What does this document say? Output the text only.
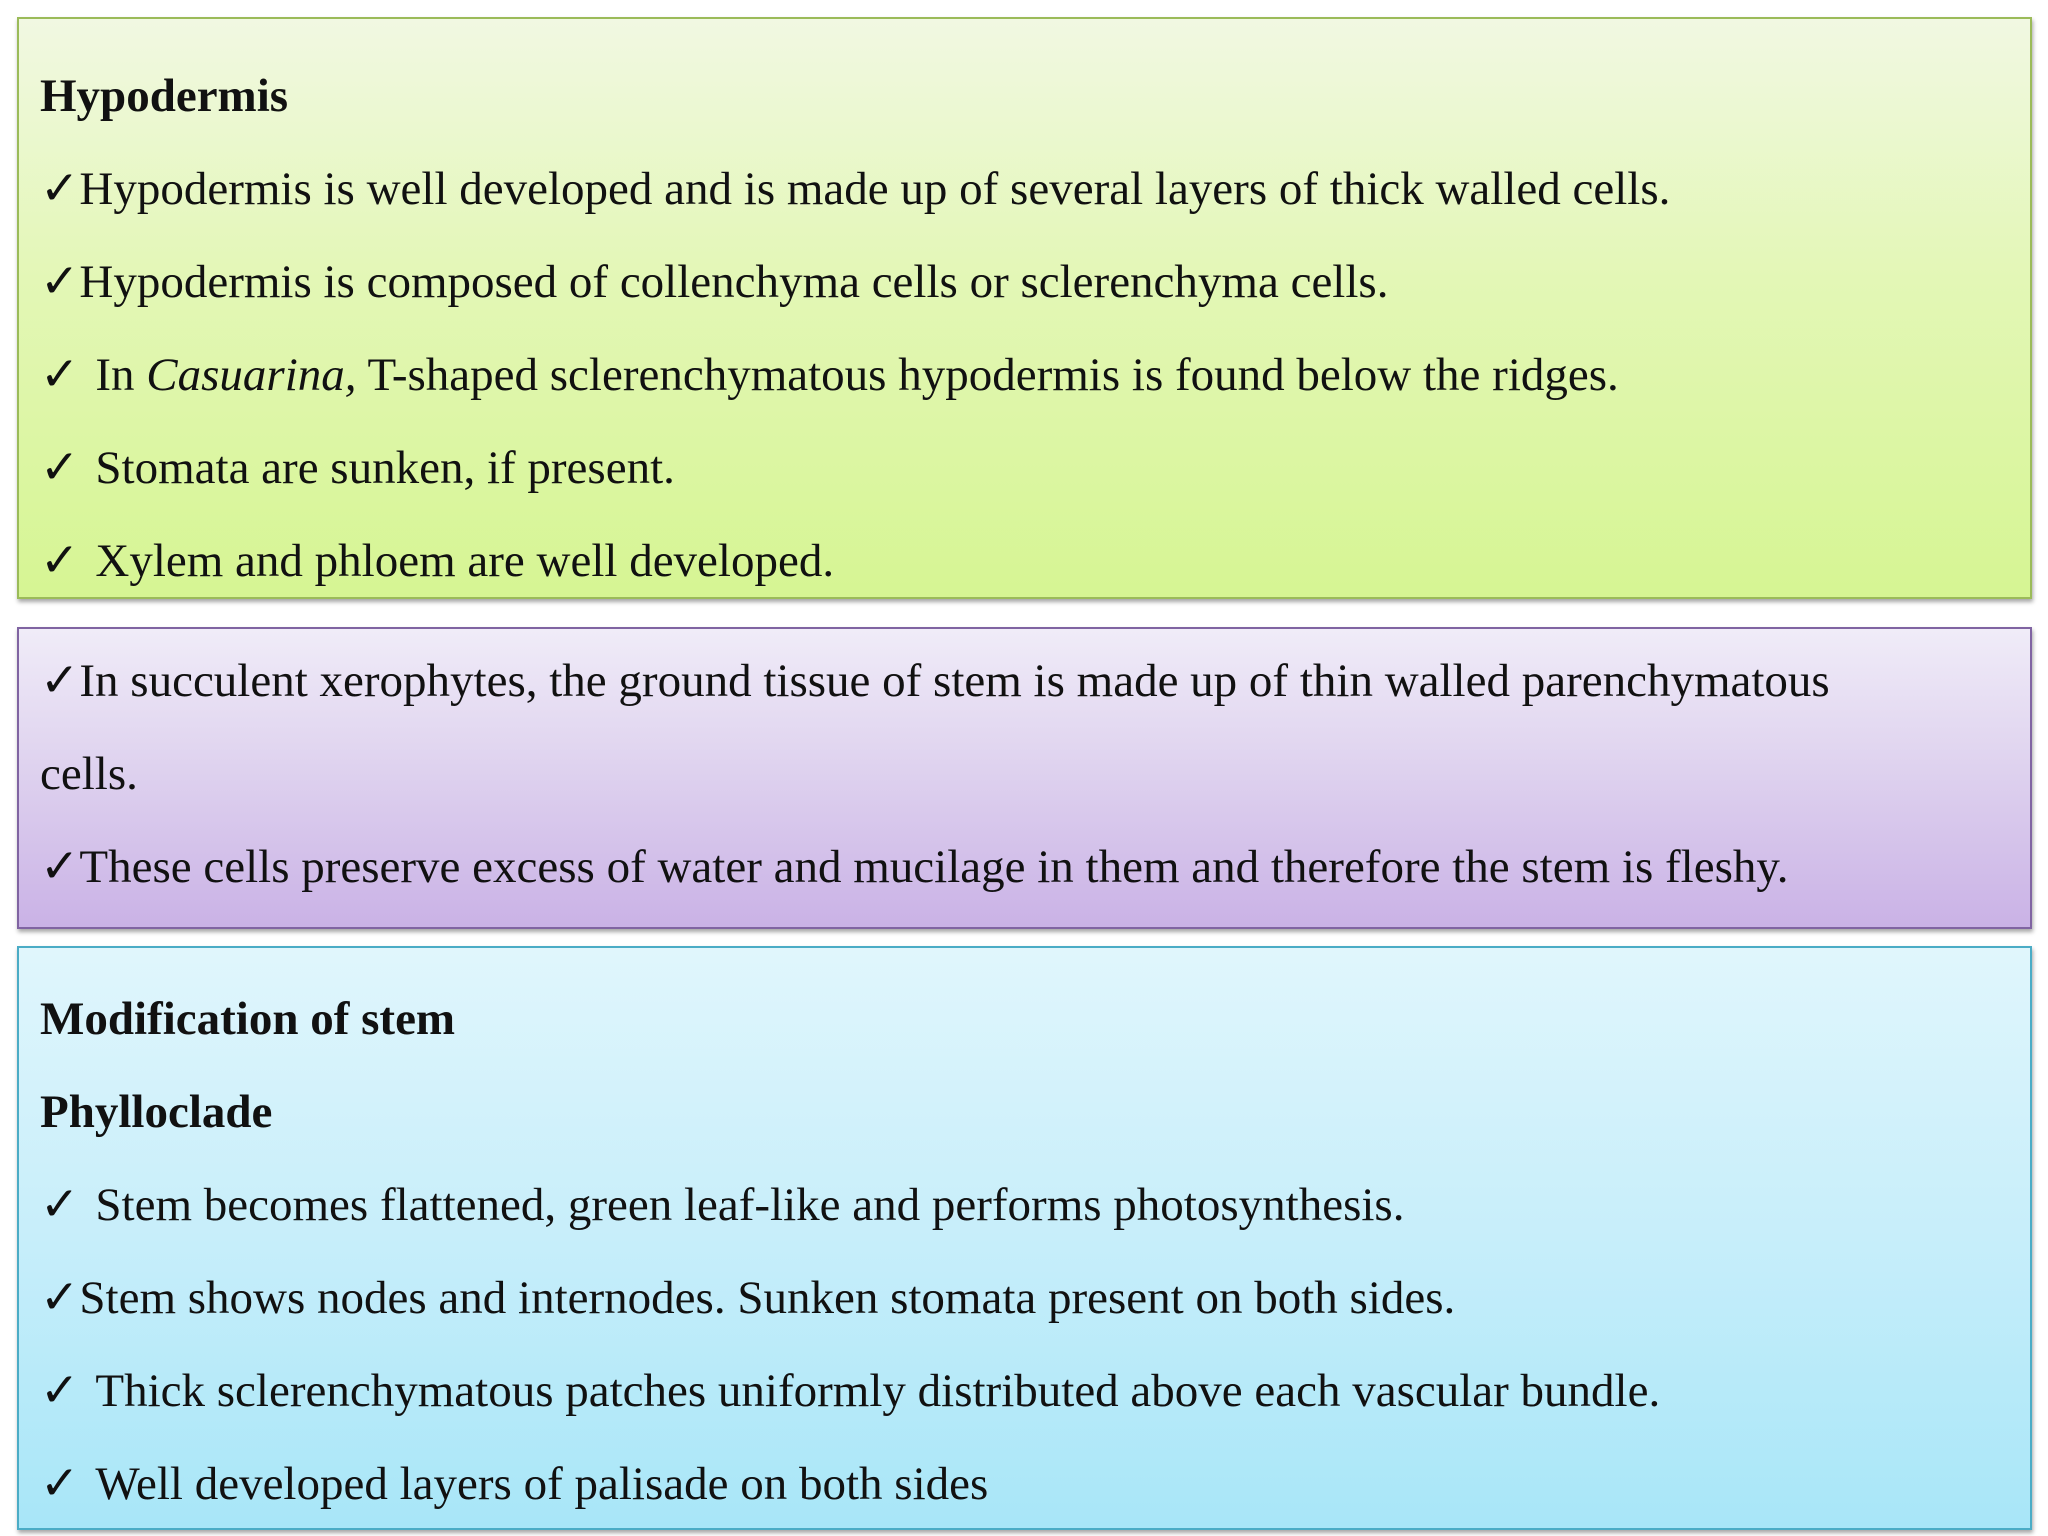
Hypodermis
✓Hypodermis is well developed and is made up of several layers of thick walled cells.
✓Hypodermis is composed of collenchyma cells or sclerenchyma cells.
✓ In Casuarina, T-shaped sclerenchymatous hypodermis is found below the ridges.
✓ Stomata are sunken, if present.
✓ Xylem and phloem are well developed.
✓In succulent xerophytes, the ground tissue of stem is made up of thin walled parenchymatous
cells.
✓These cells preserve excess of water and mucilage in them and therefore the stem is fleshy.
Modification of stem
Phylloclade
✓ Stem becomes flattened, green leaf-like and performs photosynthesis.
✓Stem shows nodes and internodes. Sunken stomata present on both sides.
✓ Thick sclerenchymatous patches uniformly distributed above each vascular bundle.
✓ Well developed layers of palisade on both sides
